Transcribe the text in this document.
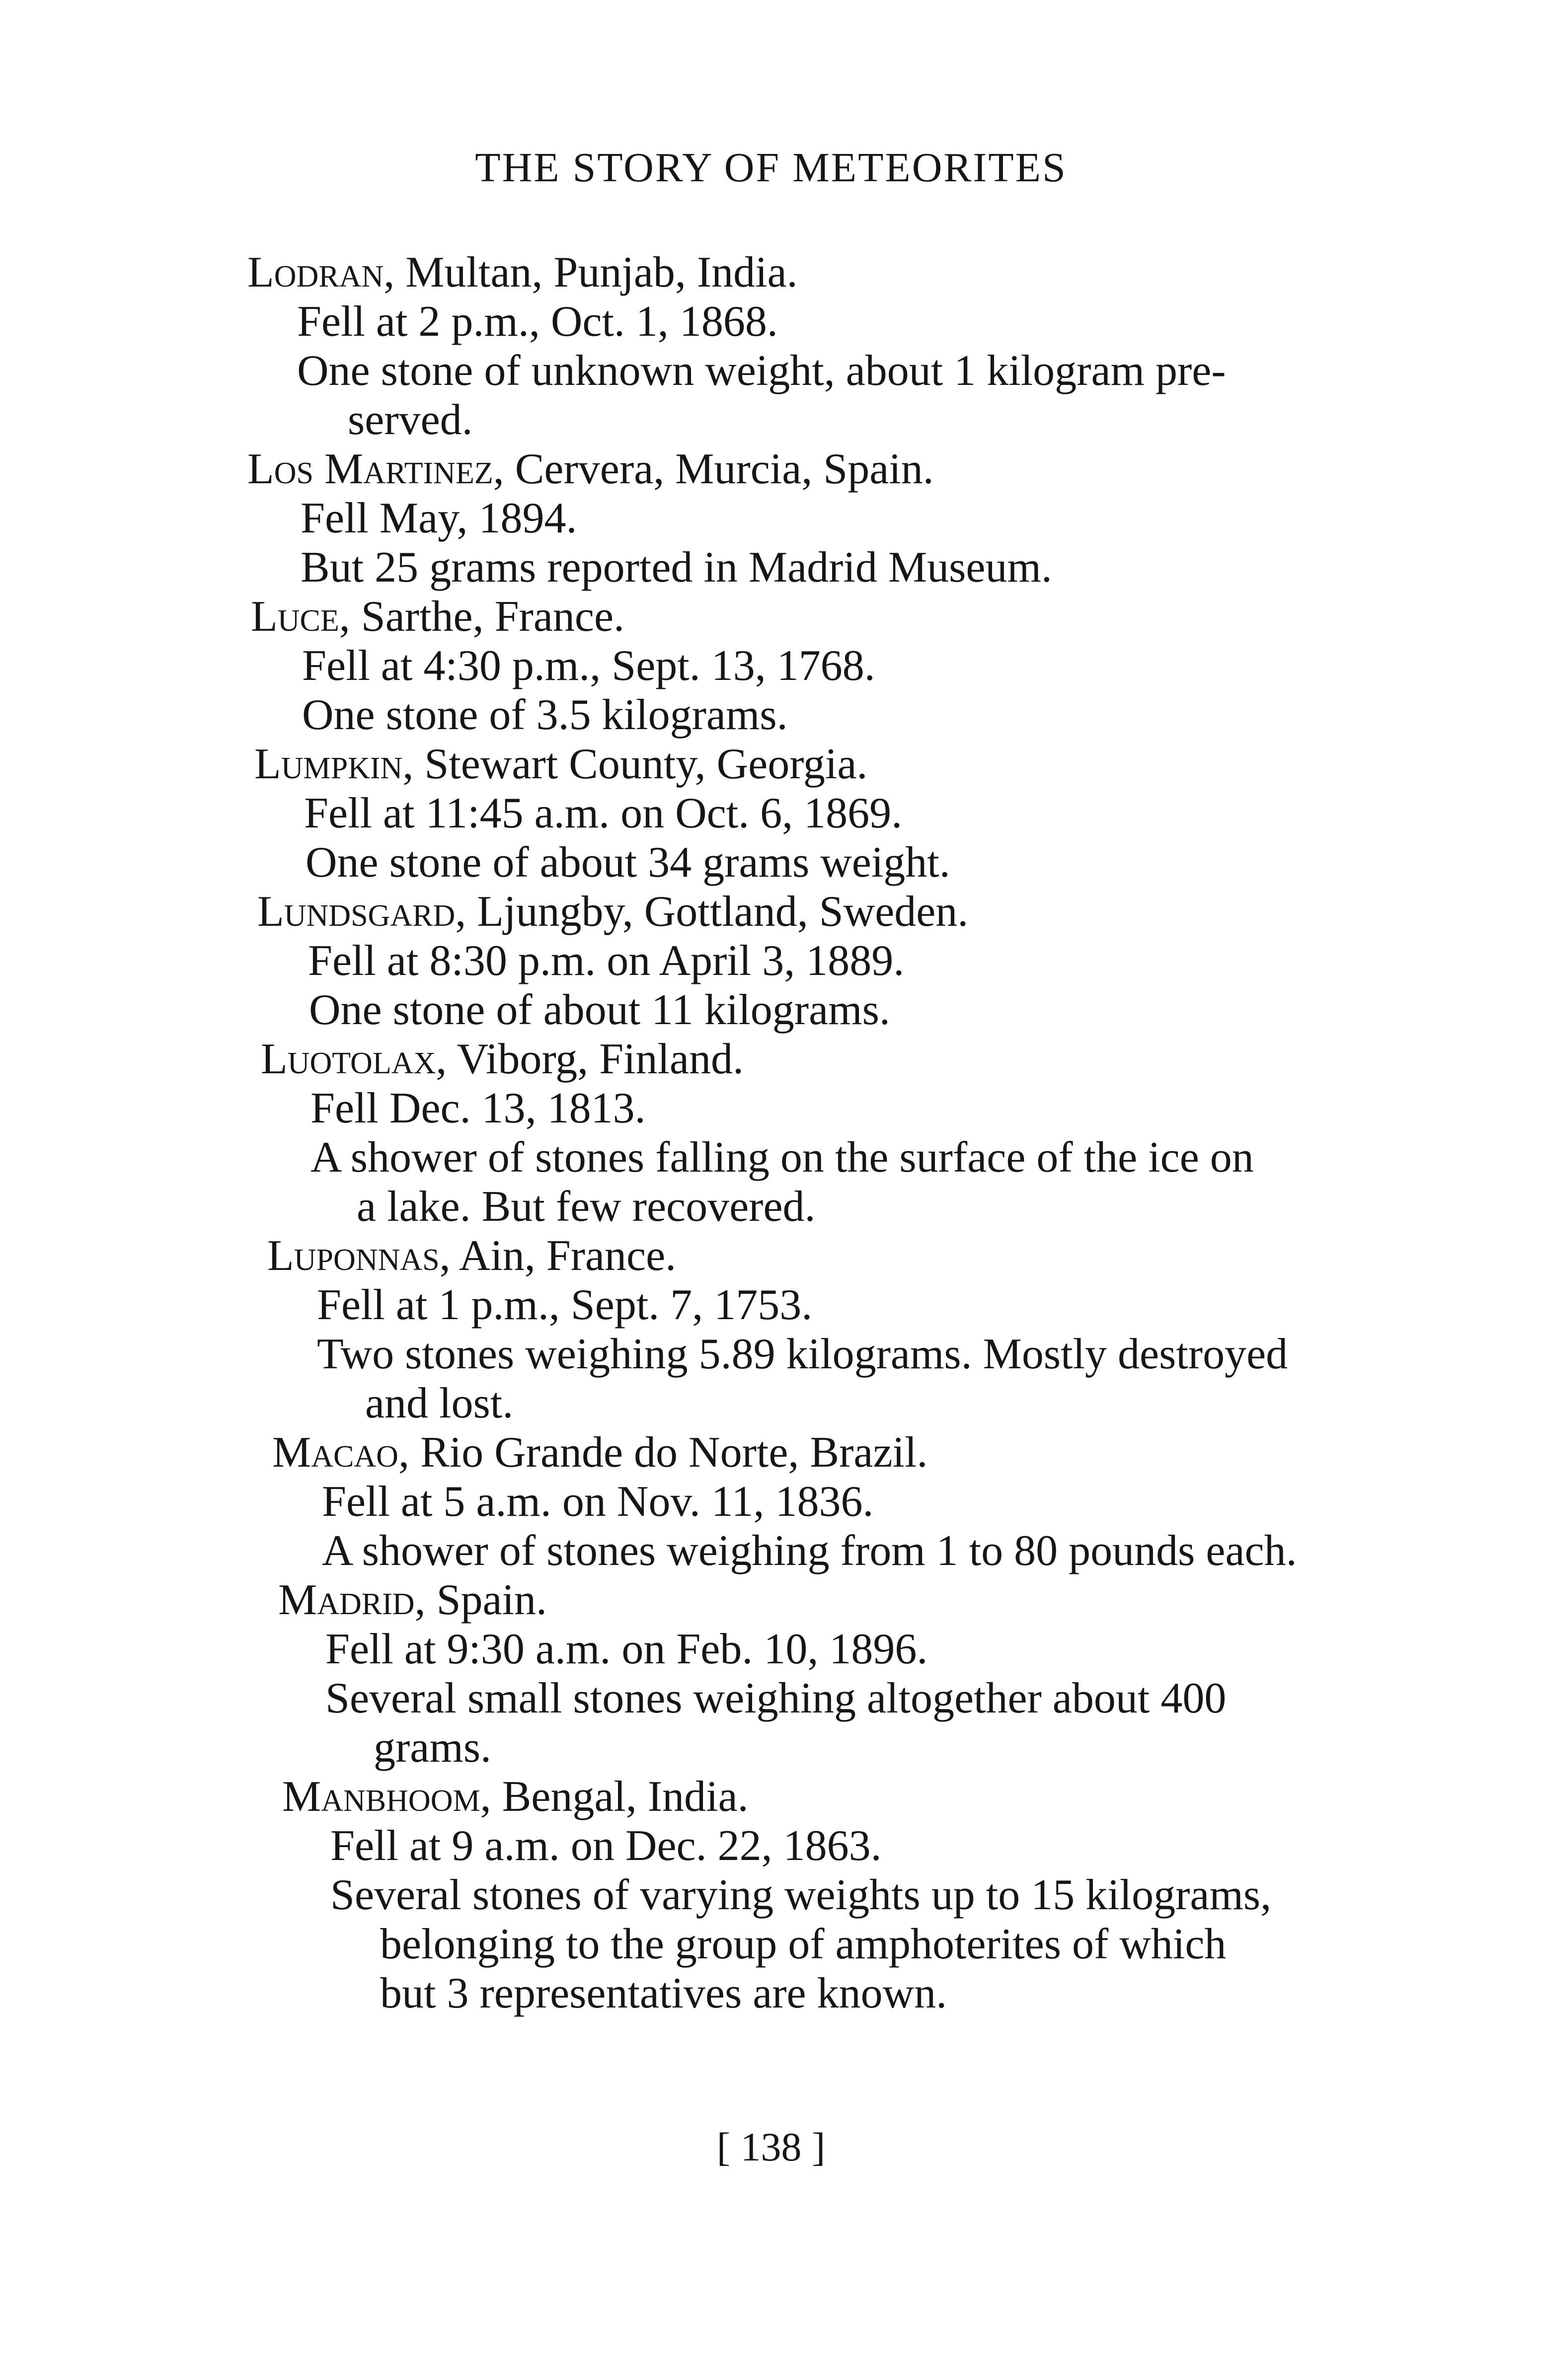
THE STORY OF METEORITES
Lodran, Multan, Punjab, India.
Fell at 2 p.m., Oct. 1, 1868.
One stone of unknown weight, about 1 kilogram pre-
served.
Los Martinez, Cervera, Murcia, Spain.
Fell May, 1894.
But 25 grams reported in Madrid Museum.
Luce, Sarthe, France.
Fell at 4:30 p.m., Sept. 13, 1768.
One stone of 3.5 kilograms.
Lumpkin, Stewart County, Georgia.
Fell at 11:45 a.m. on Oct. 6, 1869.
One stone of about 34 grams weight.
Lundsgard, Ljungby, Gottland, Sweden.
Fell at 8:30 p.m. on April 3, 1889.
One stone of about 11 kilograms.
Luotolax, Viborg, Finland.
Fell Dec. 13, 1813.
A shower of stones falling on the surface of the ice on
a lake. But few recovered.
Luponnas, Ain, France.
Fell at 1 p.m., Sept. 7, 1753.
Two stones weighing 5.89 kilograms. Mostly destroyed
and lost.
Macao, Rio Grande do Norte, Brazil.
Fell at 5 a.m. on Nov. 11, 1836.
A shower of stones weighing from 1 to 80 pounds each.
Madrid, Spain.
Fell at 9:30 a.m. on Feb. 10, 1896.
Several small stones weighing altogether about 400
grams.
Manbhoom, Bengal, India.
Fell at 9 a.m. on Dec. 22, 1863.
Several stones of varying weights up to 15 kilograms,
belonging to the group of amphoterites of which
but 3 representatives are known.
[ 138 ]
